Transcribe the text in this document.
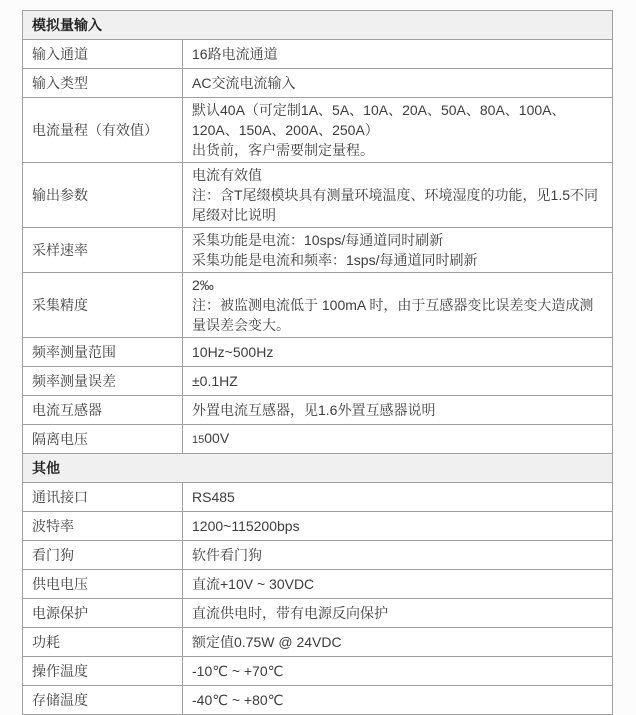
模拟量输入	
输入通道	16路电流通道

输入类型	AC交流电流输入

电流量程（有效值）	默认40A（可定制1A、5A、10A、20A、50A、80A、100A、120A、150A、200A、250A）
出货前，客户需要制定量程。

输出参数	电流有效值
注：含T尾缀模块具有测量环境温度、环境湿度的功能，见1.5不同尾缀对比说明

采样速率	采集功能是电流：10sps/每通道同时刷新
采集功能是电流和频率：1sps/每通道同时刷新

采集精度	2‰
注：被监测电流低于 100mA 时，由于互感器变比误差变大造成测量误差会变大。

频率测量范围	10Hz~500Hz

频率测量误差	±0.1HZ

电流互感器	外置电流互感器，见1.6外置互感器说明

隔离电压	1500V

其他	
通讯接口	RS485

波特率	1200~115200bps

看门狗	软件看门狗

供电电压	直流+10V ~ 30VDC

电源保护	直流供电时，带有电源反向保护

功耗	额定值0.75W @ 24VDC

操作温度	-10℃ ~ +70℃

存储温度	-40℃ ~ +80℃
